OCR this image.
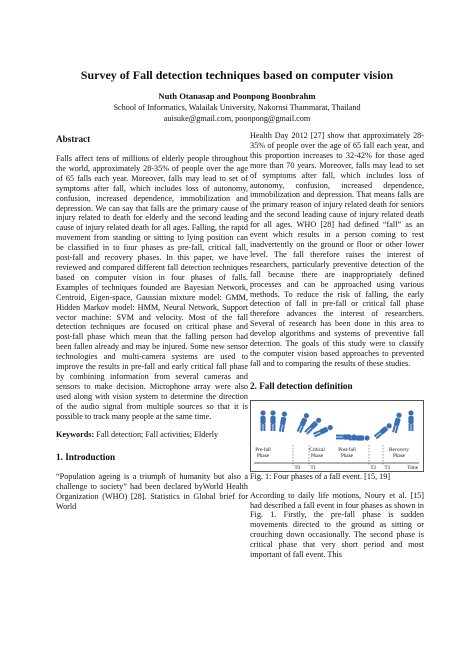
Survey of Fall detection techniques based on computer vision
Nuth Otanasap and Poonpong Boonbrahm
School of Informatics, Walailak University, Nakornsi Thammarat, Thailand
auisuke@gmail.com, poonpong@gmail.com

Abstract

Falls affect tens of millions of elderly people throughout the world, approximately 28-35% of people over the age of 65 falls each year. Moreover, falls may lead to set of symptoms after fall, which includes loss of autonomy, confusion, increased dependence, immobilization and depression. We can say that falls are the primary cause of injury related to death for elderly and the second leading cause of injury related death for all ages. Falling, the rapid movement from standing or sitting to lying position can be classified in to four phases as pre-fall, critical fall, post-fall and recovery phases. In this paper, we have reviewed and compared different fall detection techniques based on computer vision in four phases of falls. Examples of techniques founded are Bayesian Network, Centroid, Eigen-space, Gaussian mixture model: GMM, Hidden Markov model: HMM, Neural Network, Support vector machine: SVM and velocity. Most of the fall detection techniques are focused on critical phase and post-fall phase which mean that the falling person had been fallen already and may be injured. Some new sensor technologies and multi-camera systems are used to improve the results in pre-fall and early critical fall phase by combining information from several cameras and sensors to make decision. Microphone array were also used along with vision system to determine the direction of the audio signal from multiple sources so that it is possible to track many people at the same time.

Keywords: Fall detection; Fall activities; Elderly

1. Introduction

“Population ageing is a triumph of humanity but also a challenge to society” had been declared byWorld Health Organization (WHO) [28]. Statistics in Global brief for World

Health Day 2012 [27] show that approximately 28-35% of people over the age of 65 fall each year, and this proportion increases to 32-42% for those aged more than 70 years. Moreover, falls may lead to set of symptoms after fall, which includes loss of autonomy, confusion, increased dependence, immobilization and depression. That means falls are the primary reason of injury related death for seniors and the second leading cause of injury related death for all ages. WHO [28] had defined “fall” as an event which results in a person coming to rest inadvertently on the ground or floor or other lower level. The fall therefore raises the interest of researchers, particularly preventive detection of the fall because there are inappropriately defined processes and can be approached using various methods. To reduce the risk of falling, the early detection of fall in pre-fall or critical fall phase therefore advances the interest of researchers. Several of research has been done in this area to develop algorithms and systems of preventive fall detection. The goals of this study were to classify the computer vision based approaches to prevented fall and to comparing the results of these studies.

2. Fall detection definition

T0 T1	T2 T3
Pre-fall
Phase
Critical
Phase
Post-fall
Phase
Recovery
Phase
Time

Fig. 1: Four phases of a fall event. [15, 19]

According to daily life motions, Noury et al. [15] had described a fall event in four phases as shown in Fig. 1. Firstly, the pre-fall phase is sudden movements directed to the ground as sitting or crouching down occasionally. The second phase is critical phase that very short period and most important of fall event. This
